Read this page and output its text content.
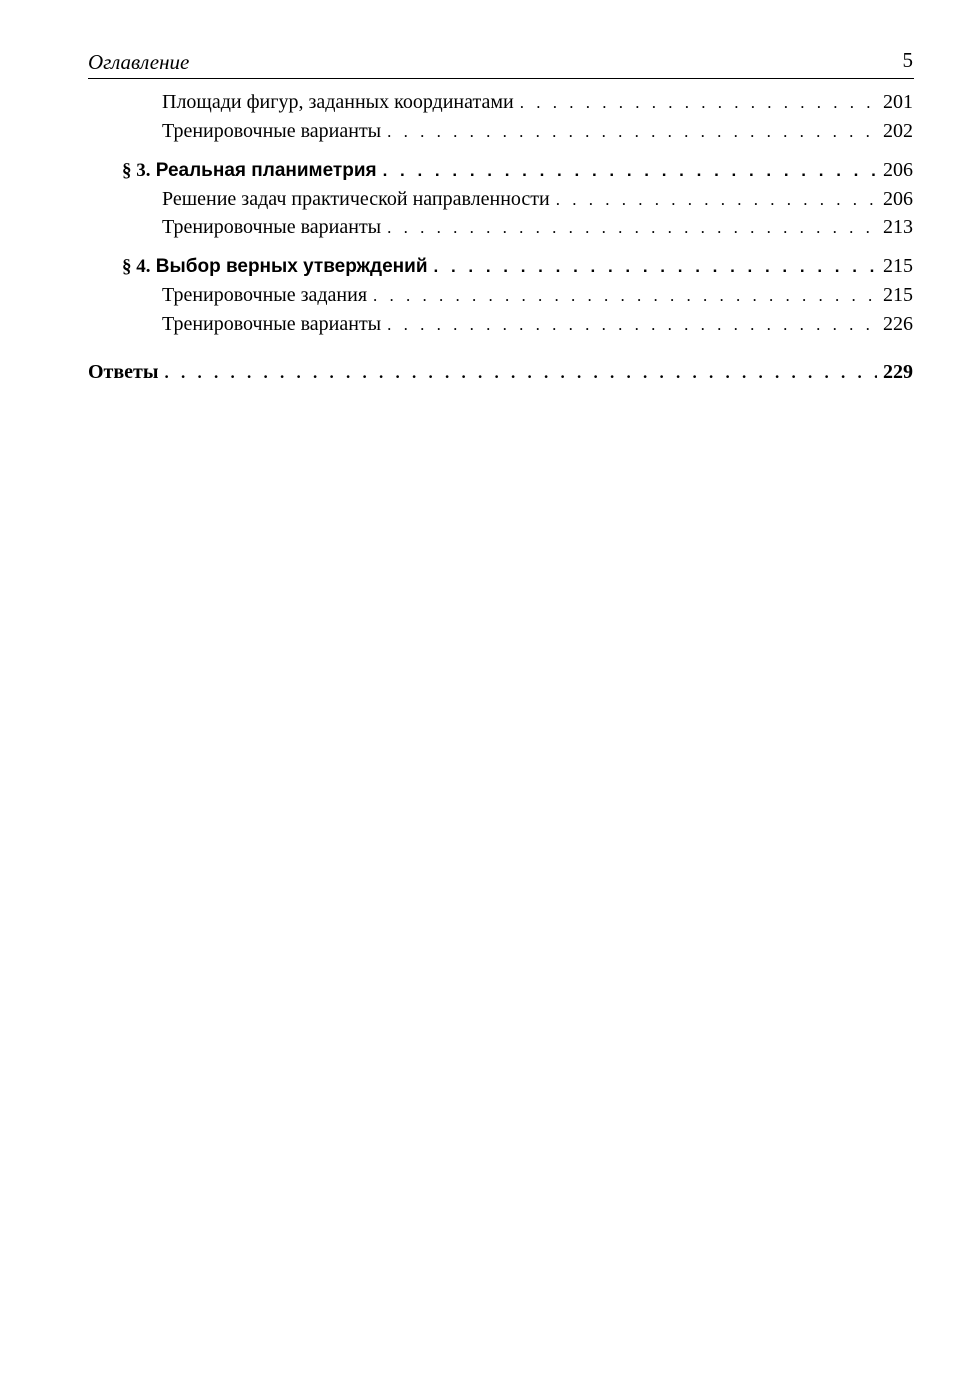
Оглавление	5
Площади фигур, заданных координатами . . .	201
Тренировочные варианты . . .	202
§ 3. Реальная планиметрия . . .	206
Решение задач практической направленности . . .	206
Тренировочные варианты . . .	213
§ 4. Выбор верных утверждений . . .	215
Тренировочные задания . . .	215
Тренировочные варианты . . .	226
Ответы . . .	229
